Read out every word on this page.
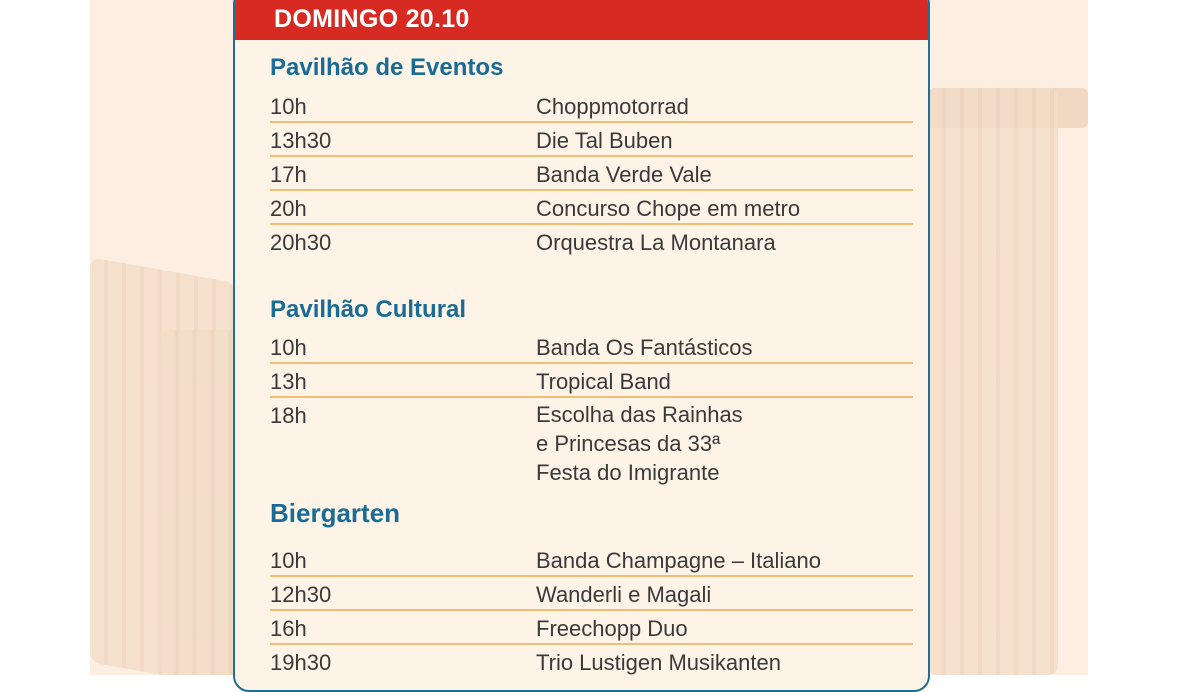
DOMINGO 20.10
Pavilhão de Eventos
10h	Choppmotorrad
13h30	Die Tal Buben
17h	Banda Verde Vale
20h	Concurso Chope em metro
20h30	Orquestra La Montanara
Pavilhão Cultural
10h	Banda Os Fantásticos
13h	Tropical Band
18h	Escolha das Rainhas
e Princesas da 33ª
Festa do Imigrante
Biergarten
10h	Banda Champagne – Italiano
12h30	Wanderli e Magali
16h	Freechopp Duo
19h30	Trio Lustigen Musikanten
